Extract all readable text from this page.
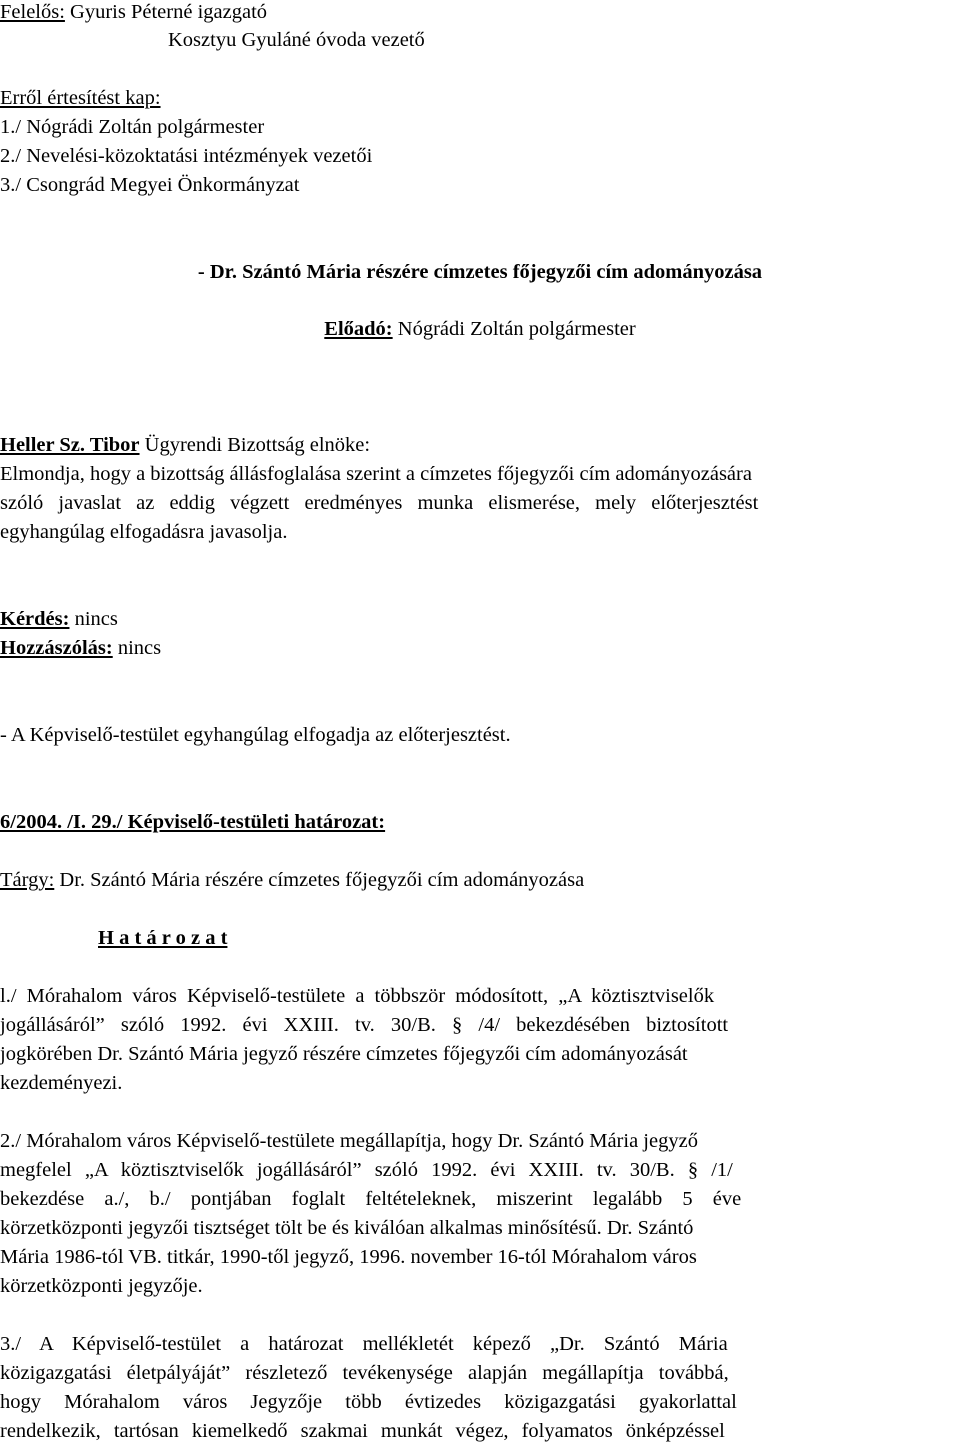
Felelős: Gyuris Péterné igazgató
Kosztyu Gyuláné óvoda vezető
Erről értesítést kap:
1./ Nógrádi Zoltán polgármester
2./ Nevelési-közoktatási intézmények vezetői
3./ Csongrád Megyei Önkormányzat
- Dr. Szántó Mária részére címzetes főjegyzői cím adományozása
Előadó: Nógrádi Zoltán polgármester
Heller Sz. Tibor Ügyrendi Bizottság elnöke:
Elmondja, hogy a bizottság állásfoglalása szerint a címzetes főjegyzői cím adományozására
szóló javaslat az eddig végzett eredményes munka elismerése, mely előterjesztést
egyhangúlag elfogadásra javasolja.
Kérdés: nincs
Hozzászólás: nincs
- A Képviselő-testület egyhangúlag elfogadja az előterjesztést.
6/2004. /I. 29./ Képviselő-testületi határozat:
Tárgy: Dr. Szántó Mária részére címzetes főjegyzői cím adományozása
H a t á r o z a t
l./ Mórahalom város Képviselő-testülete a többször módosított, „A köztisztviselők
jogállásáról” szóló 1992. évi XXIII. tv. 30/B. § /4/ bekezdésében biztosított
jogkörében Dr. Szántó Mária jegyző részére címzetes főjegyzői cím adományozását
kezdeményezi.
2./ Mórahalom város Képviselő-testülete megállapítja, hogy Dr. Szántó Mária jegyző
megfelel „A köztisztviselők jogállásáról” szóló 1992. évi XXIII. tv. 30/B. § /1/
bekezdése a./, b./ pontjában foglalt feltételeknek, miszerint legalább 5 éve
körzetközponti jegyzői tisztséget tölt be és kiválóan alkalmas minősítésű. Dr. Szántó
Mária 1986-tól VB. titkár, 1990-től jegyző, 1996. november 16-tól Mórahalom város
körzetközponti jegyzője.
3./ A Képviselő-testület a határozat mellékletét képező „Dr. Szántó Mária
közigazgatási életpályáját” részletező tevékenysége alapján megállapítja továbbá,
hogy Mórahalom város Jegyzője több évtizedes közigazgatási gyakorlattal
rendelkezik, tartósan kiemelkedő szakmai munkát végez, folyamatos önképzéssel
